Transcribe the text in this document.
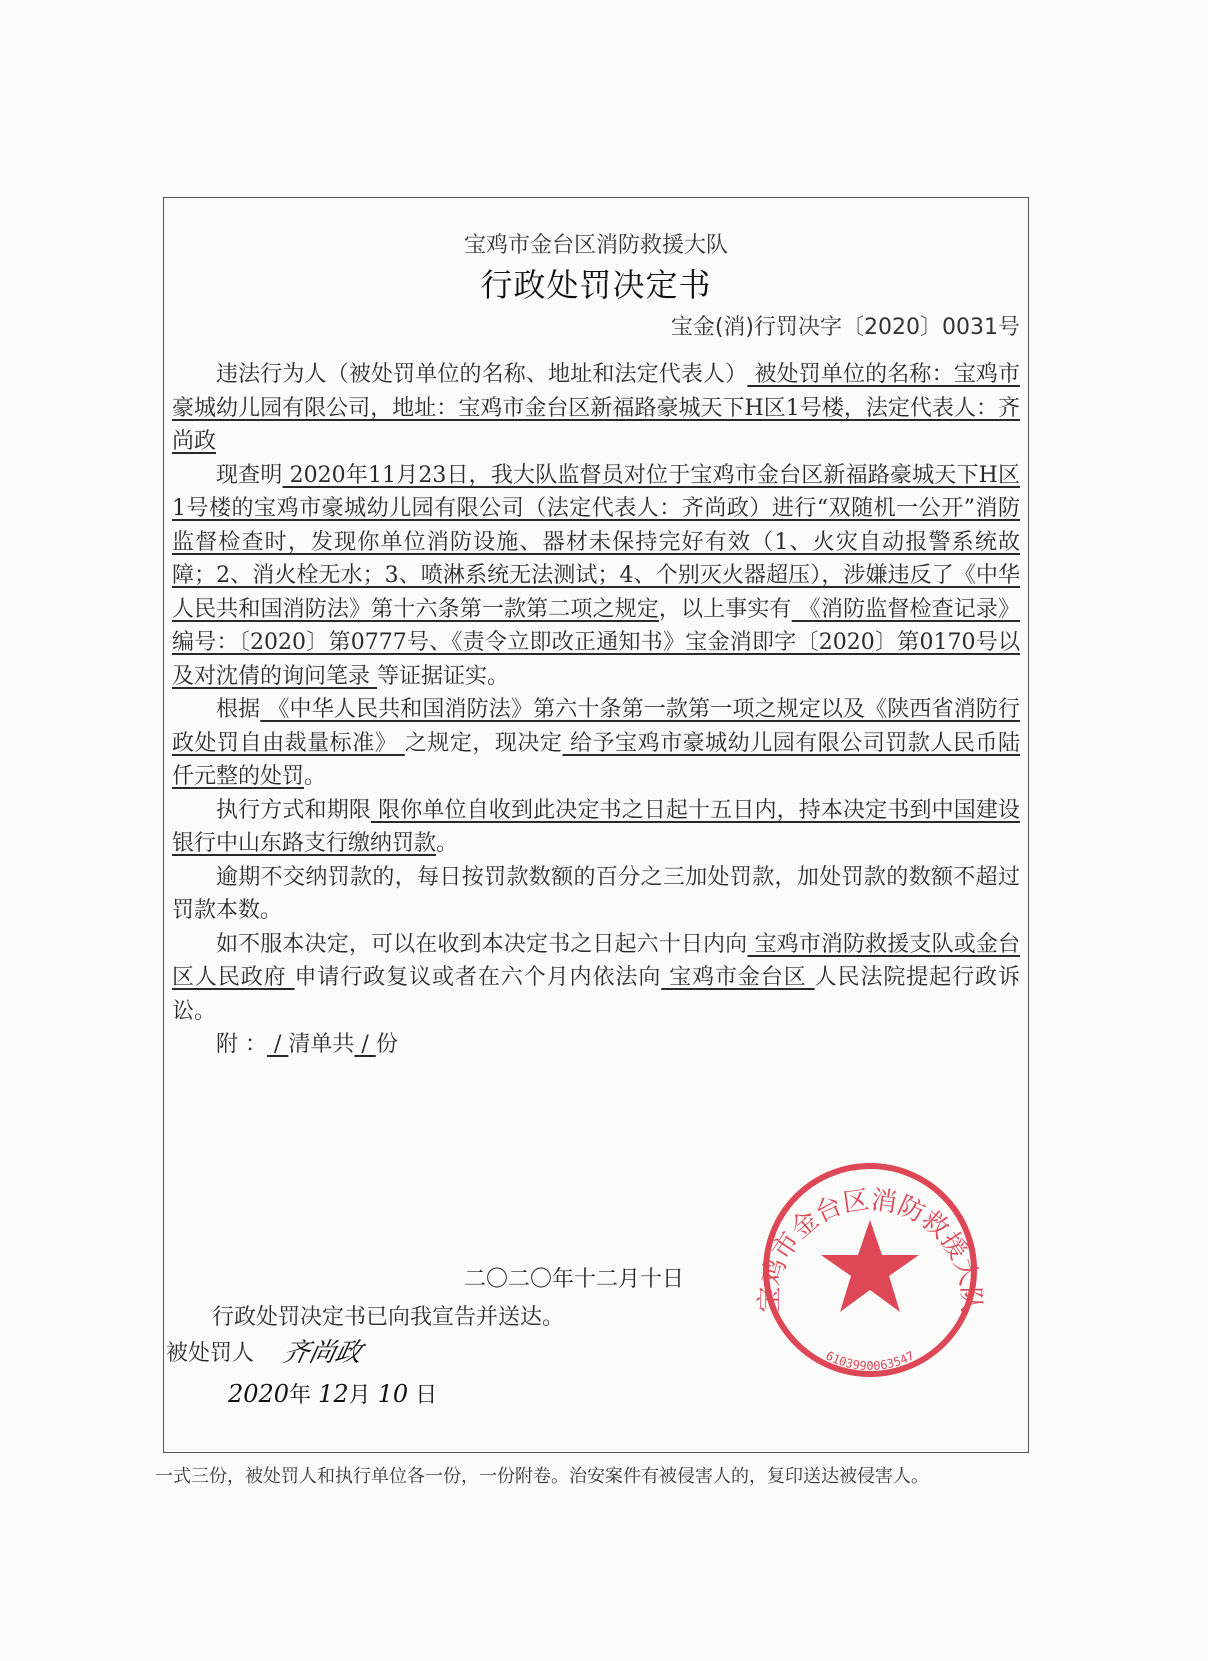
宝鸡市金台区消防救援大队
行政处罚决定书
宝金(消)行罚决字〔2020〕0031号

违法行为人（被处罚单位的名称、地址和法定代表人） 被处罚单位的名称：宝鸡市豪城幼儿园有限公司，地址：宝鸡市金台区新福路豪城天下H区1号楼，法定代表人：齐尚政

现查明 2020年11月23日，我大队监督员对位于宝鸡市金台区新福路豪城天下H区1号楼的宝鸡市豪城幼儿园有限公司（法定代表人：齐尚政）进行“双随机一公开”消防监督检查时，发现你单位消防设施、器材未保持完好有效（1、火灾自动报警系统故障；2、消火栓无水；3、喷淋系统无法测试；4、个别灭火器超压），涉嫌违反了《中华人民共和国消防法》第十六条第一款第二项之规定，以上事实有 《消防监督检查记录》编号：〔2020〕第0777号、《责令立即改正通知书》宝金消即字〔2020〕第0170号以及对沈倩的询问笔录 等证据证实。

根据 《中华人民共和国消防法》第六十条第一款第一项之规定以及《陕西省消防行政处罚自由裁量标准》 之规定，现决定 给予宝鸡市豪城幼儿园有限公司罚款人民币陆仟元整的处罚。

执行方式和期限 限你单位自收到此决定书之日起十五日内，持本决定书到中国建设银行中山东路支行缴纳罚款。

逾期不交纳罚款的，每日按罚款数额的百分之三加处罚款，加处罚款的数额不超过罚款本数。

如不服本决定，可以在收到本决定书之日起六十日内向 宝鸡市消防救援支队或金台区人民政府 申请行政复议或者在六个月内依法向 宝鸡市金台区 人民法院提起行政诉讼。

附 ： / 清单共 / 份

二〇二〇年十二月十日
行政处罚决定书已向我宣告并送达。
被处罚人 齐尚政
2020年 12月 10 日
宝鸡市金台区消防救援大队
6103990063547
一式三份，被处罚人和执行单位各一份，一份附卷。治安案件有被侵害人的，复印送达被侵害人。
